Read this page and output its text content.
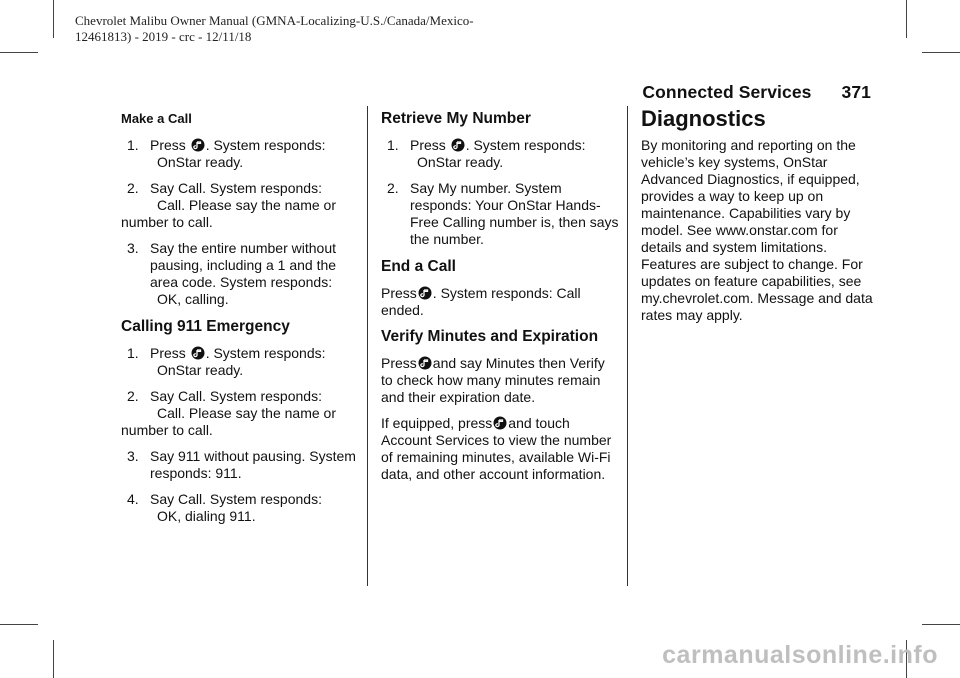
Chevrolet Malibu Owner Manual (GMNA-Localizing-U.S./Canada/Mexico-
12461813) - 2019 - crc - 12/11/18
Connected Services 371
Make a Call
1. Press . System responds:
OnStar ready.
2. Say Call. System responds:
Call. Please say the name or
number to call.
3. Say the entire number without pausing, including a 1 and the area code. System responds:
OK, calling.
Calling 911 Emergency
1. Press . System responds:
OnStar ready.
2. Say Call. System responds:
Call. Please say the name or
number to call.
3. Say 911 without pausing. System responds: 911.
4. Say Call. System responds:
OK, dialing 911.
Retrieve My Number
1. Press . System responds:
OnStar ready.
2. Say My number. System responds: Your OnStar Hands-Free Calling number is, then says the number.
End a Call

Press . System responds: Call ended.

Verify Minutes and Expiration

Press and say Minutes then Verify to check how many minutes remain and their expiration date.

If equipped, press and touch Account Services to view the number of remaining minutes, available Wi-Fi data, and other account information.

Diagnostics

By monitoring and reporting on the vehicle’s key systems, OnStar Advanced Diagnostics, if equipped, provides a way to keep up on maintenance. Capabilities vary by model. See www.onstar.com for details and system limitations. Features are subject to change. For updates on feature capabilities, see my.chevrolet.com. Message and data rates may apply.

carmanualsonline.info
